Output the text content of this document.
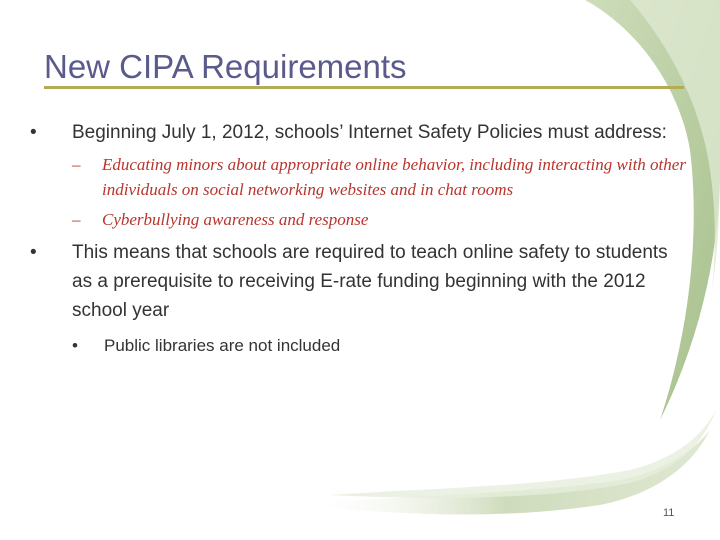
New CIPA Requirements
•	Beginning July 1, 2012, schools’ Internet Safety Policies must address:
– Educating minors about appropriate online behavior, including interacting with other individuals on social networking websites and in chat rooms
– Cyberbullying awareness and response
•	This means that schools are required to teach online safety to students as a prerequisite to receiving E-rate funding beginning with the 2012 school year
•	Public libraries are not included
11
